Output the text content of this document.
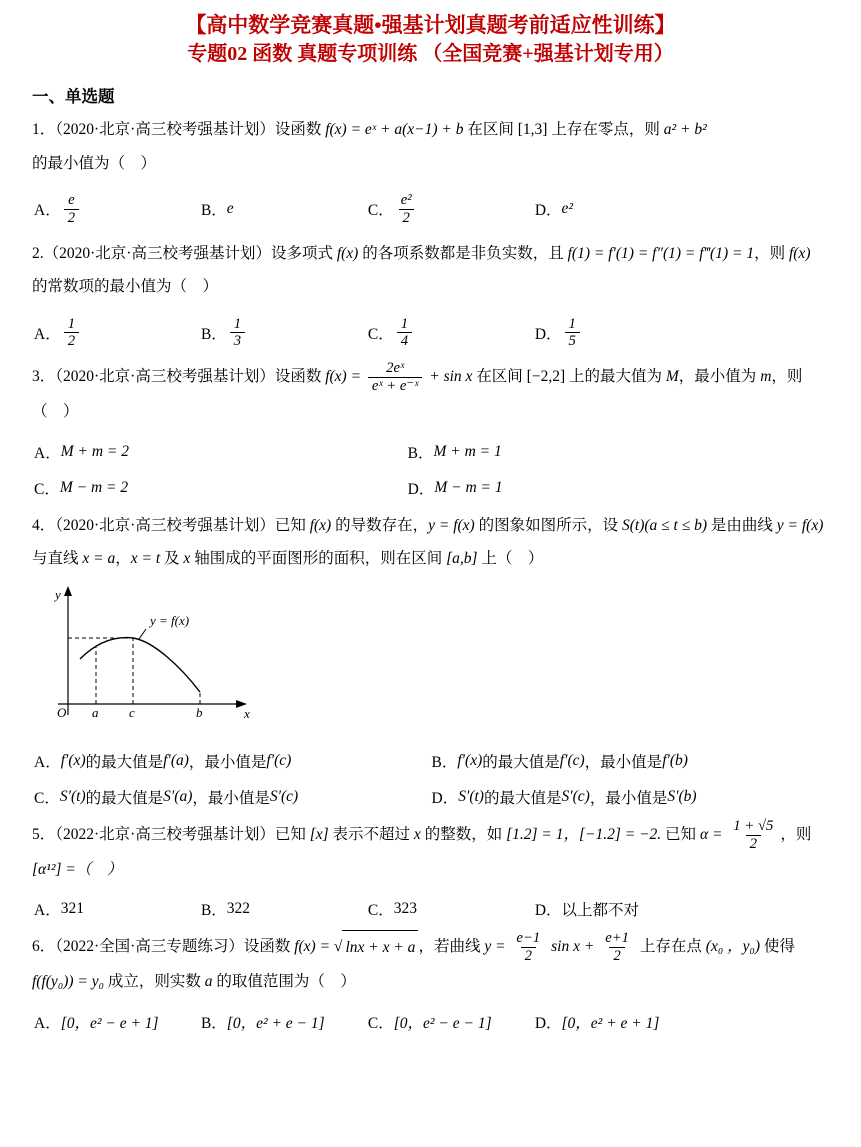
【高中数学竞赛真题•强基计划真题考前适应性训练】
专题02 函数 真题专项训练 （全国竞赛+强基计划专用）
一、单选题

1．（2020·北京·高三校考强基计划）设函数 f(x) = eˣ + a(x−1) + b 在区间 [1,3] 上存在零点，则 a² + b² 的最小值为（　）

A． $\frac{e}{2}$	B． e	C． $\frac{\text{e²}}{2}$	D． e²

2.（2020·北京·高三校考强基计划）设多项式 f(x) 的各项系数都是非负实数，且 f(1) = f′(1) = f″(1) = f‴(1) = 1，则 f(x) 的常数项的最小值为（　）

A． $\frac{1}{2}$	B． $\frac{1}{3}$	C． $\frac{1}{4}$	D． $\frac{1}{5}$

3．（2020·北京·高三校考强基计划）设函数 $f(x) = \frac{\text{2eˣ}}{\text{eˣ + e⁻ˣ}} + \sin x$ 在区间 [−2,2] 上的最大值为 M，最小值为 m，则（　）

A． M + m = 2	B． M + m = 1
C． M − m = 2	D． M − m = 1

4．（2020·北京·高三校考强基计划）已知 f(x) 的导数存在，y = f(x) 的图象如图所示，设 S(t)(a ≤ t ≤ b) 是由曲线 y = f(x) 与直线 x = a，x = t 及 x 轴围成的平面图形的面积，则在区间 [a,b] 上（　）

y
x
O a c	b
y = f(x)
A． f′(x) 的最大值是 f′(a) ，最小值是 f′(c)	B． f′(x) 的最大值是 f′(c) ，最小值是 f′(b)
C． S′(t) 的最大值是 S′(a) ，最小值是 S′(c)	D． S′(t) 的最大值是 S′(c) ，最小值是 S′(b)

5．（2022·北京·高三校考强基计划）已知 [x] 表示不超过 x 的整数，如 [1.2] = 1，[−1.2] = −2. 已知 $\alpha = \frac{1 + √5}{2}$ ，则 [α¹²] =（　）

A． 321	B． 322	C． 323	D． 以上都不对

6．（2022·全国·高三专题练习）设函数 f(x) = √ lnx + x + a ，若曲线 $y = \frac{e-1}{2}$ $\sin x + \frac{e+1}{2}$ 上存在点 (x₀ ，y₀) 使得 f(f(y₀)) = y₀ 成立，则实数 a 的取值范围为（　）

A． [0，e² − e + 1]	B． [0，e² + e − 1]	C． [0，e² − e − 1]	D． [0，e² + e + 1]
